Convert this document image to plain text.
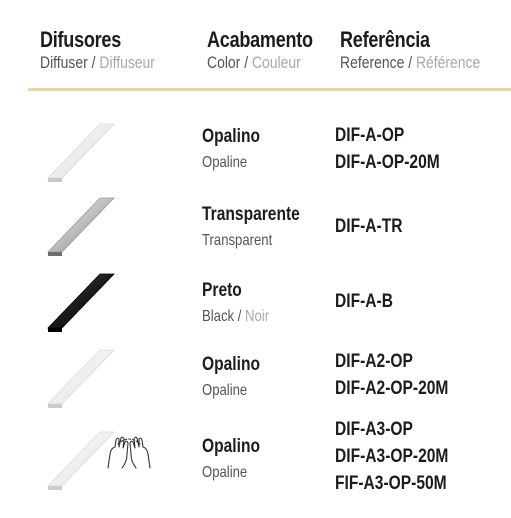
Difusores
Diffuser / Diffuseur
Acabamento
Color / Couleur
Referência
Reference / Référence
Opalino
Opaline
DIF-A-OP
DIF-A-OP-20M
Transparente
Transparent
DIF-A-TR
Preto
Black / Noir
DIF-A-B
Opalino
Opaline
DIF-A2-OP
DIF-A2-OP-20M
Opalino
Opaline
DIF-A3-OP
DIF-A3-OP-20M
FIF-A3-OP-50M
